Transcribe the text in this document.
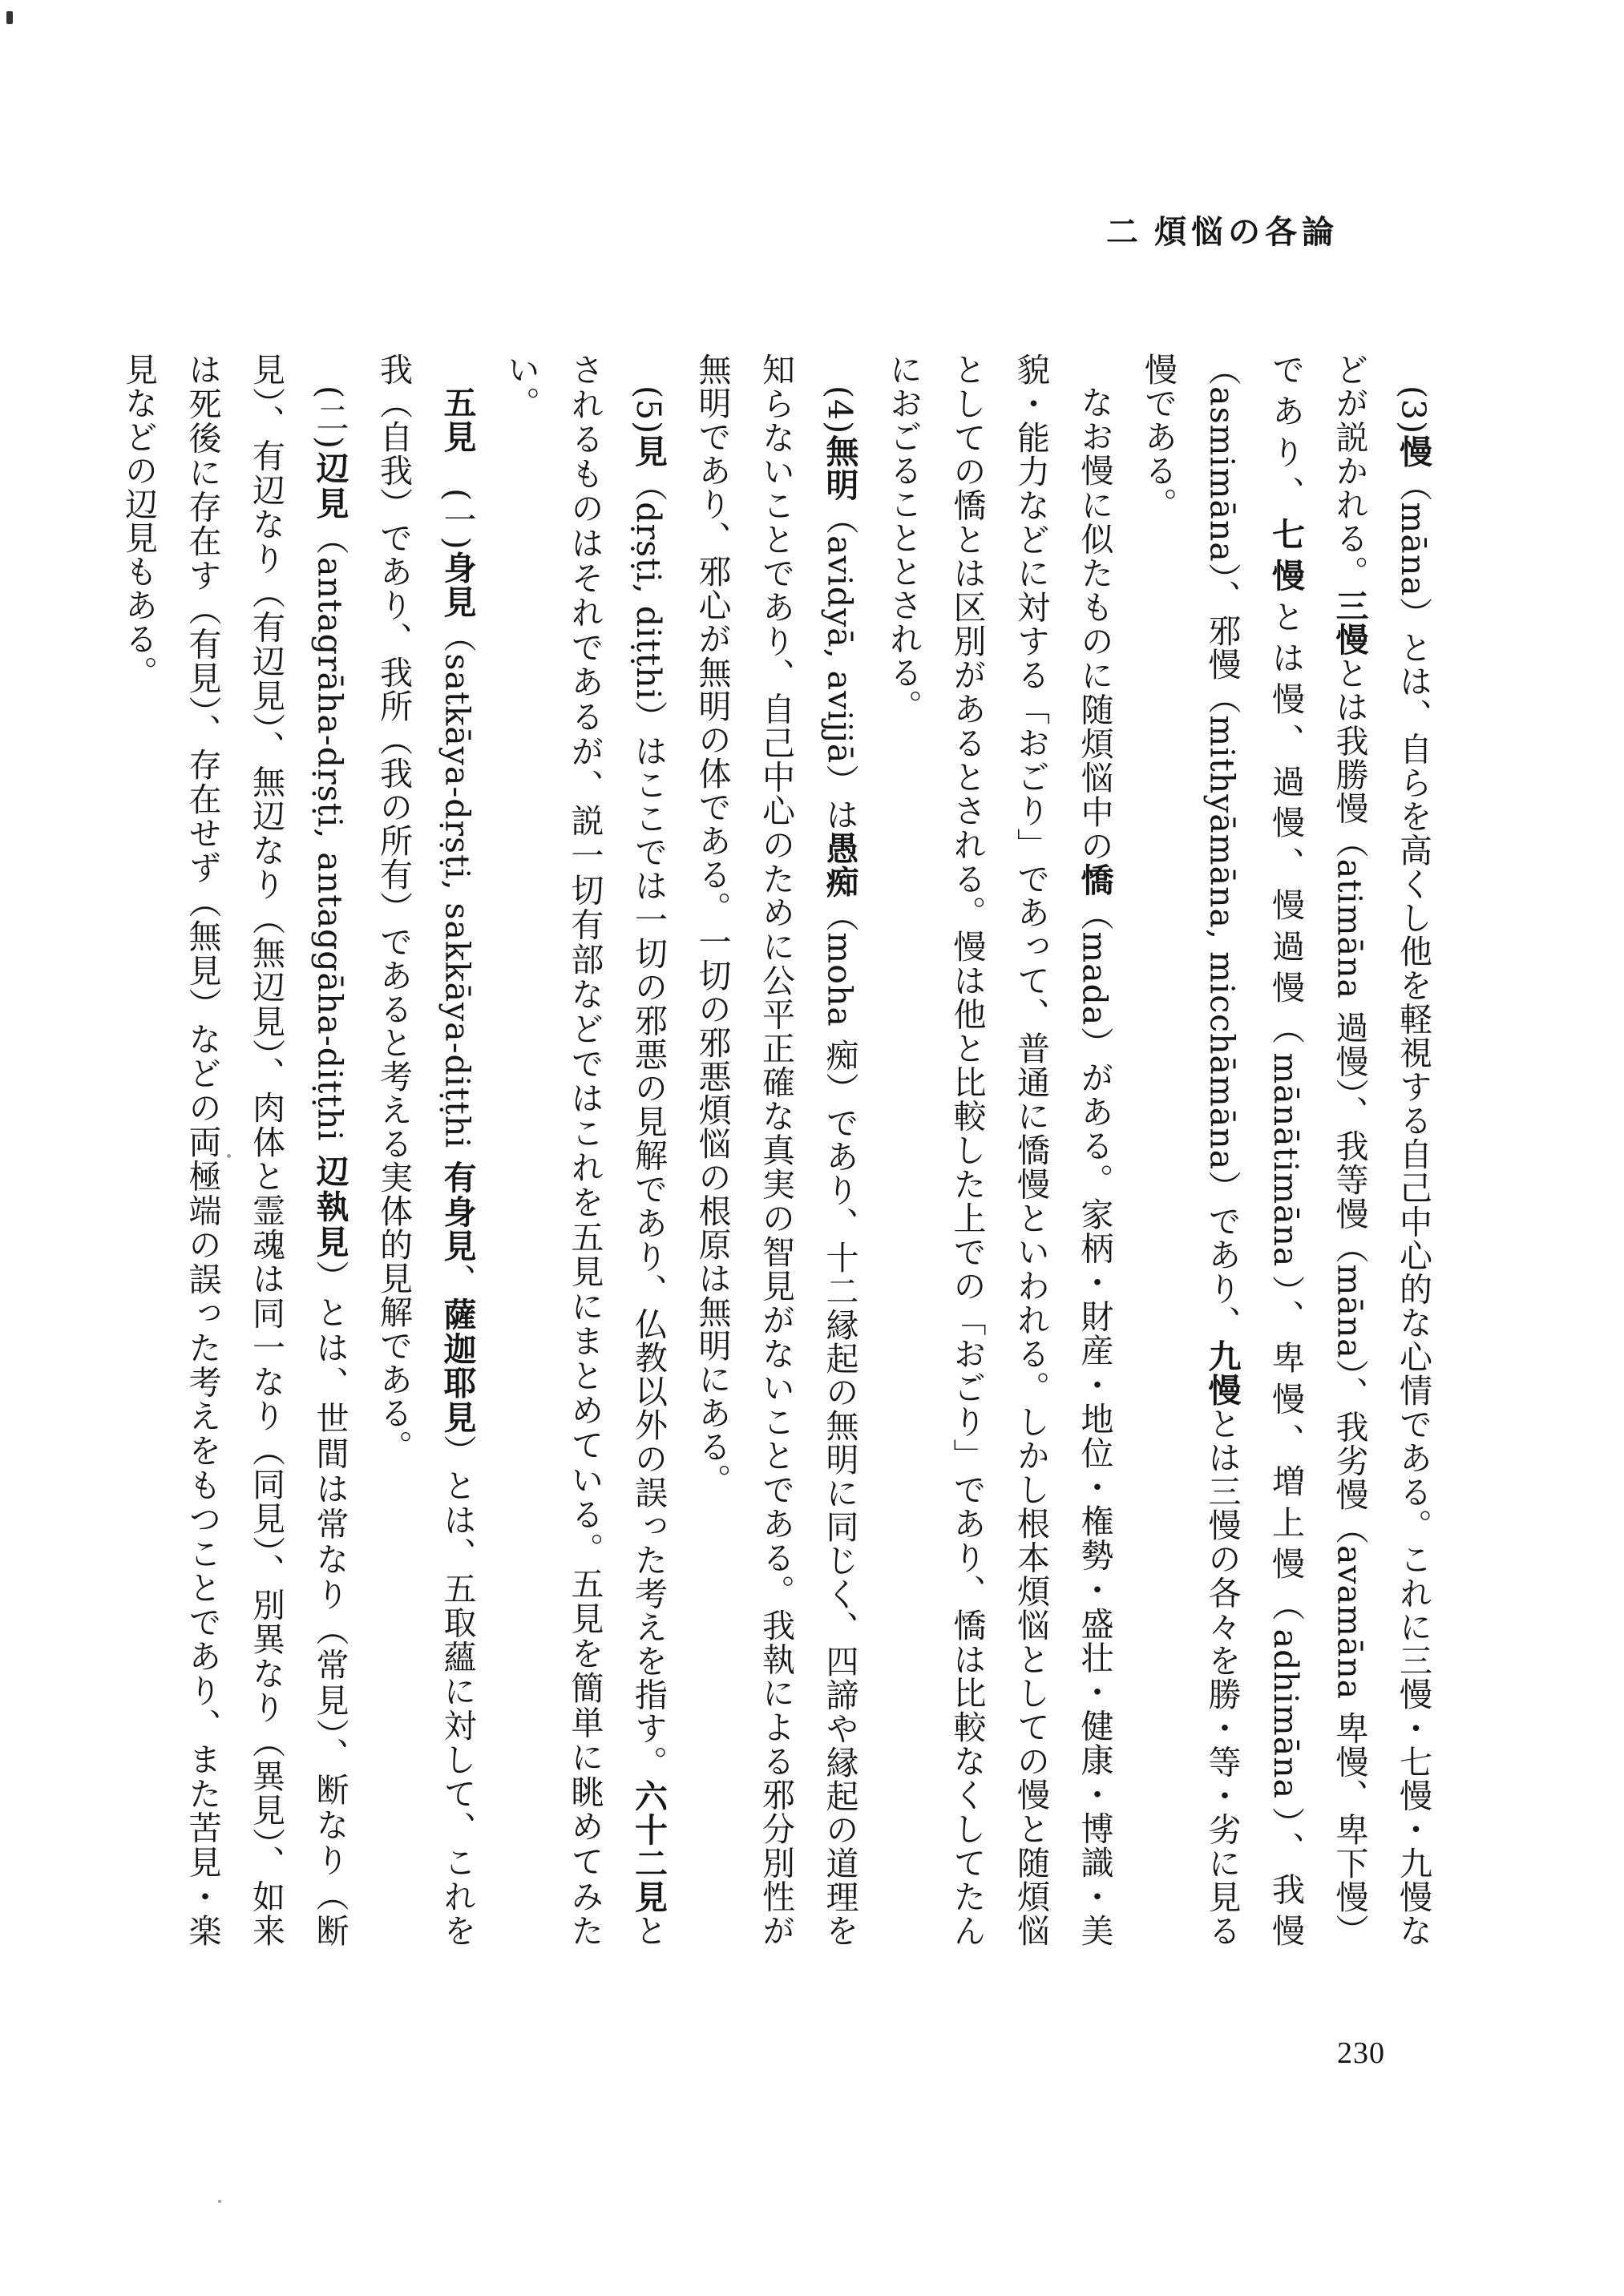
二 煩悩の各論

(3)慢（māna）とは、自らを高くし他を軽視する自己中心的な心情である。これに三慢・七慢・九慢などが説かれる。三慢とは我勝慢（atimāna 過慢）、我等慢（māna）、我劣慢（avamāna 卑慢、卑下慢）であり、七慢とは慢、過慢、慢過慢（mānātimāna）、卑慢、増上慢（adhimāna）、我慢（asmimāna）、邪慢（mithyāmāna, micchāmāna）であり、九慢とは三慢の各々を勝・等・劣に見る慢である。

なお慢に似たものに随煩悩中の憍（mada）がある。家柄・財産・地位・権勢・盛壮・健康・博識・美貌・能力などに対する「おごり」であって、普通に憍慢といわれる。しかし根本煩悩としての慢と随煩悩としての憍とは区別があるとされる。慢は他と比較した上での「おごり」であり、憍は比較なくしてたんにおごることとされる。

(4)無明（avidyā, avijjā）は愚痴（moha 痴）であり、十二縁起の無明に同じく、四諦や縁起の道理を知らないことであり、自己中心のために公平正確な真実の智見がないことである。我執による邪分別性が無明であり、邪心が無明の体である。一切の邪悪煩悩の根原は無明にある。

(5)見（dṛṣṭi, diṭṭhi）はここでは一切の邪悪の見解であり、仏教以外の誤った考えを指す。六十二見とされるものはそれであるが、説一切有部などではこれを五見にまとめている。五見を簡単に眺めてみたい。

五見　(一)身見（satkāya-dṛṣṭi, sakkāya-diṭṭhi 有身見、薩迦耶見）とは、五取蘊に対して、これを我（自我）であり、我所（我の所有）であると考える実体的見解である。

(二)辺見（antagrāha-dṛṣṭi, antaggāha-diṭṭhi 辺執見）とは、世間は常なり（常見）、断なり（断見）、有辺なり（有辺見）、無辺なり（無辺見）、肉体と霊魂は同一なり（同見）、別異なり（異見）、如来は死後に存在す（有見）、存在せず（無見）などの両極端の誤った考えをもつことであり、また苦見・楽見などの辺見もある。

230
